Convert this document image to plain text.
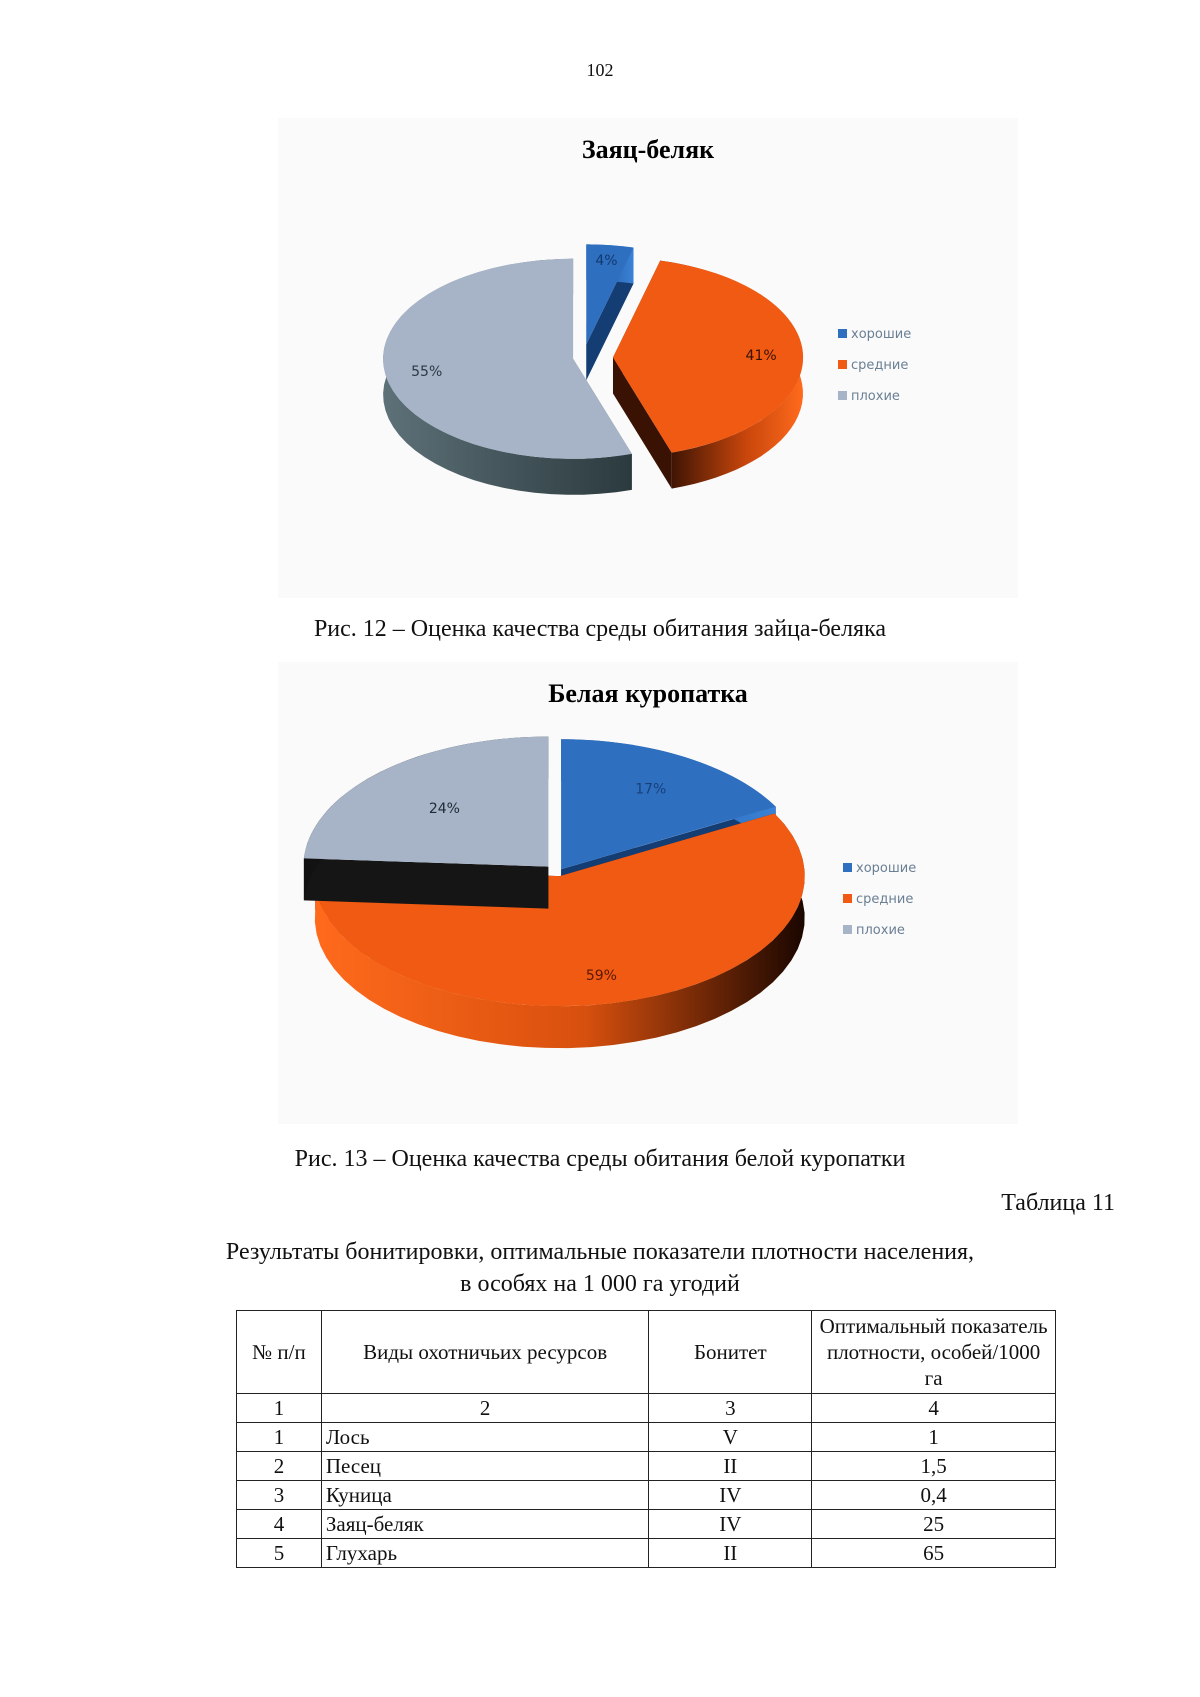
102
Заяц-беляк
4%
41%
55%
хорошие
средние
плохие
Рис. 12 – Оценка качества среды обитания зайца-беляка
Белая куропатка
17%
59%
24%
хорошие
средние
плохие
Рис. 13 – Оценка качества среды обитания белой куропатки
Таблица 11
Результаты бонитировки, оптимальные показатели плотности населения,
в особях на 1 000 га угодий
№ п/п	Виды охотничьих ресурсов	Бонитет	Оптимальный показатель плотности, особей/1000 га
1	2	3	4
1	Лось	V	1
2	Песец	II	1,5
3	Куница	IV	0,4
4	Заяц-беляк	IV	25
5	Глухарь	II	65
